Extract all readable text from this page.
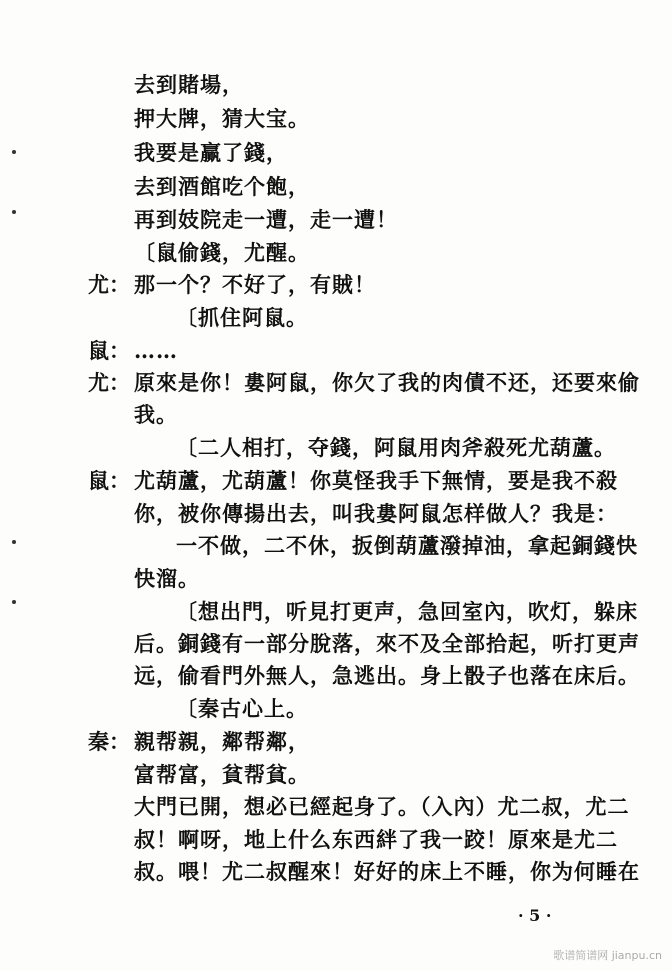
尤：
鼠：
尤：
鼠：
秦：
去到賭場，
押大牌，猜大宝。
我要是赢了錢，
去到酒館吃个飽，
再到妓院走一遭，走一遭！
〔鼠偷錢，尤醒。
那一个？不好了，有賊！
〔抓住阿鼠。
……
原來是你！婁阿鼠，你欠了我的肉債不还，还要來偷
我。
〔二人相打，夺錢，阿鼠用肉斧殺死尤葫蘆。
尤葫蘆，尤葫蘆！你莫怪我手下無情，要是我不殺
你，被你傳揚出去，叫我婁阿鼠怎样做人？我是：
一不做，二不休，扳倒葫蘆潑掉油，拿起銅錢快
快溜。
〔想出門，听見打更声，急回室內，吹灯，躲床
后。銅錢有一部分脫落，來不及全部拾起，听打更声
远，偷看門外無人，急逃出。身上骰子也落在床后。
〔秦古心上。
親帮親，鄰帮鄰，
富帮富，貧帮貧。
大門已開，想必已經起身了。（入內）尤二叔，尤二
叔！啊呀，地上什么东西絆了我一跤！原來是尤二
叔。喂！尤二叔醒來！好好的床上不睡，你为何睡在
· 5 ·
歌谱简谱网 jianpu.cn
